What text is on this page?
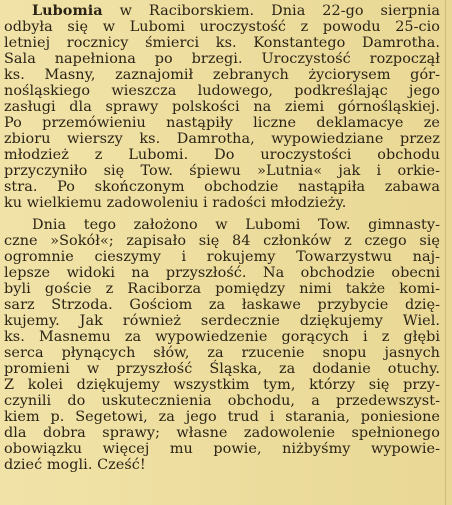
Lubomia w Raciborskiem. Dnia 22-go sierpnia
odbyła się w Lubomi uroczystość z powodu 25-cio
letniej rocznicy śmierci ks. Konstantego Damrotha.
Sala napełniona po brzegi. Uroczystość rozpoczął
ks. Masny, zaznajomił zebranych życiorysem gór-
nośląskiego wieszcza ludowego, podkreślając jego
zasługi dla sprawy polskości na ziemi górnośląskiej.
Po przemówieniu nastąpiły liczne deklamacye ze
zbioru wierszy ks. Damrotha, wypowiedziane przez
młodzież z Lubomi. Do uroczystości obchodu
przyczyniło się Tow. śpiewu »Lutnia« jak i orkie-
stra. Po skończonym obchodzie nastąpiła zabawa
ku wielkiemu zadowoleniu i radości młodzieży.
Dnia tego założono w Lubomi Tow. gimnasty-
czne »Sokół«; zapisało się 84 członków z czego się
ogromnie cieszymy i rokujemy Towarzystwu naj-
lepsze widoki na przyszłość. Na obchodzie obecni
byli goście z Raciborza pomiędzy nimi także komi-
sarz Strzoda. Gościom za łaskawe przybycie dzię-
kujemy. Jak również serdecznie dziękujemy Wiel.
ks. Masnemu za wypowiedzenie gorących i z głębi
serca płynących słów, za rzucenie snopu jasnych
promieni w przyszłość Śląska, za dodanie otuchy.
Z kolei dziękujemy wszystkim tym, którzy się przy-
czynili do uskutecznienia obchodu, a przedewszyst-
kiem p. Segetowi, za jego trud i starania, poniesione
dla dobra sprawy; własne zadowolenie spełnionego
obowiązku więcej mu powie, niżbyśmy wypowie-
dzieć mogli. Cześć!
